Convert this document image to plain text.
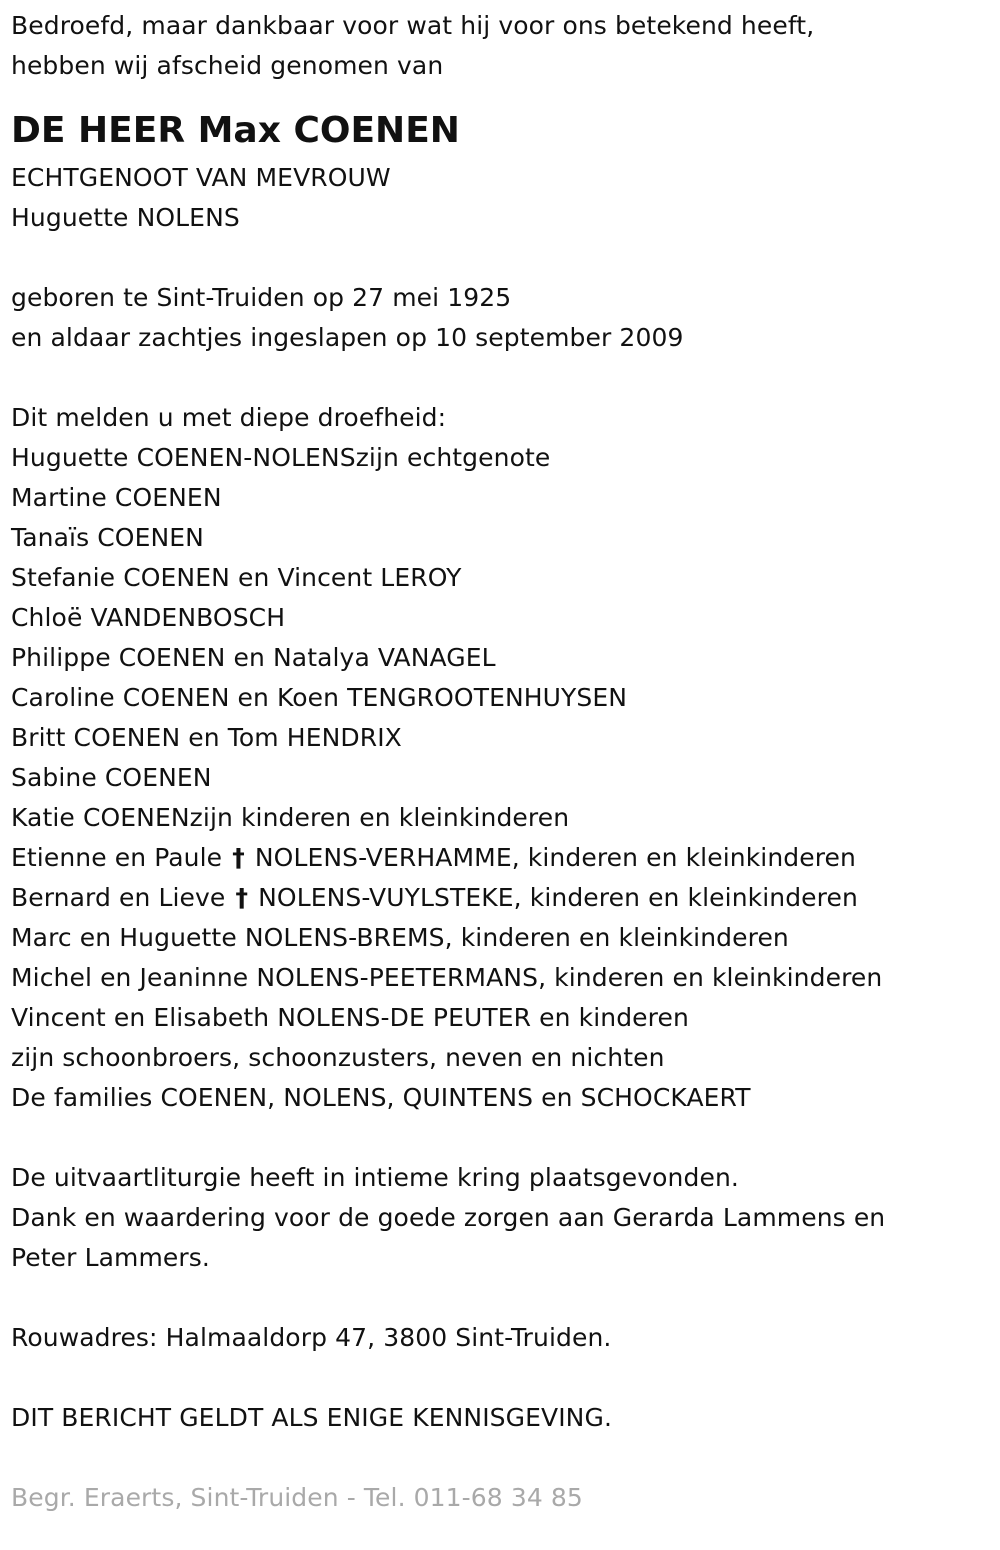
Bedroefd, maar dankbaar voor wat hij voor ons betekend heeft,
hebben wij afscheid genomen van
DE HEER Max COENEN
ECHTGENOOT VAN MEVROUW
Huguette NOLENS
geboren te Sint-Truiden op 27 mei 1925
en aldaar zachtjes ingeslapen op 10 september 2009
Dit melden u met diepe droefheid:
Huguette COENEN-NOLENSzijn echtgenote
Martine COENEN
Tanaïs COENEN
Stefanie COENEN en Vincent LEROY
Chloë VANDENBOSCH
Philippe COENEN en Natalya VANAGEL
Caroline COENEN en Koen TENGROOTENHUYSEN
Britt COENEN en Tom HENDRIX
Sabine COENEN
Katie COENENzijn kinderen en kleinkinderen
Etienne en Paule † NOLENS-VERHAMME, kinderen en kleinkinderen
Bernard en Lieve † NOLENS-VUYLSTEKE, kinderen en kleinkinderen
Marc en Huguette NOLENS-BREMS, kinderen en kleinkinderen
Michel en Jeaninne NOLENS-PEETERMANS, kinderen en kleinkinderen
Vincent en Elisabeth NOLENS-DE PEUTER en kinderen
zijn schoonbroers, schoonzusters, neven en nichten
De families COENEN, NOLENS, QUINTENS en SCHOCKAERT
De uitvaartliturgie heeft in intieme kring plaatsgevonden.
Dank en waardering voor de goede zorgen aan Gerarda Lammens en
Peter Lammers.
Rouwadres: Halmaaldorp 47, 3800 Sint-Truiden.
DIT BERICHT GELDT ALS ENIGE KENNISGEVING.
Begr. Eraerts, Sint-Truiden - Tel. 011-68 34 85
